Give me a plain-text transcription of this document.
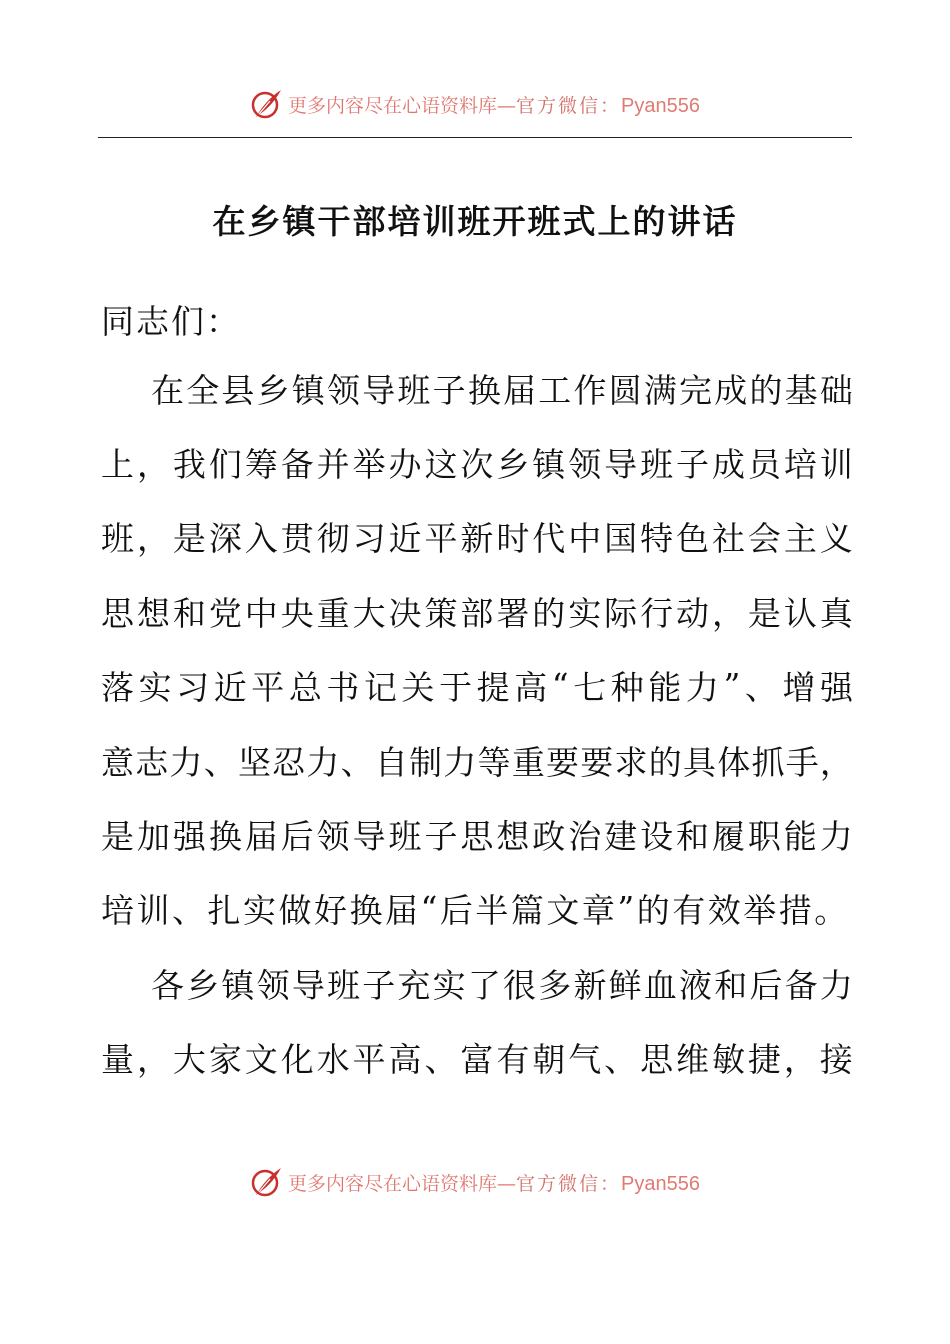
更多内容尽在心语资料库—官方微信：Pyan556
在乡镇干部培训班开班式上的讲话
同志们：
在 全 县 乡 镇 领 导 班 子 换 届 工 作 圆 满 完 成 的 基 础
上 ， 我 们 筹 备 并 举 办 这 次 乡 镇 领 导 班 子 成 员 培 训
班 ， 是 深 入 贯 彻 习 近 平 新 时 代 中 国 特 色 社 会 主 义
思 想 和 党 中 央 重 大 决 策 部 署 的 实 际 行 动 ， 是 认 真
落 实 习 近 平 总 书 记 关 于 提 高 “ 七 种 能 力 ” 、 增 强
意 志 力 、 坚 忍 力 、 自 制 力 等 重 要 要 求 的 具 体 抓 手 ，
是 加 强 换 届 后 领 导 班 子 思 想 政 治 建 设 和 履 职 能 力
培 训 、 扎 实 做 好 换 届 “ 后 半 篇 文 章 ” 的 有 效 举 措 。
各 乡 镇 领 导 班 子 充 实 了 很 多 新 鲜 血 液 和 后 备 力
量 ， 大 家 文 化 水 平 高 、 富 有 朝 气 、 思 维 敏 捷 ， 接
更多内容尽在心语资料库—官方微信：Pyan556
